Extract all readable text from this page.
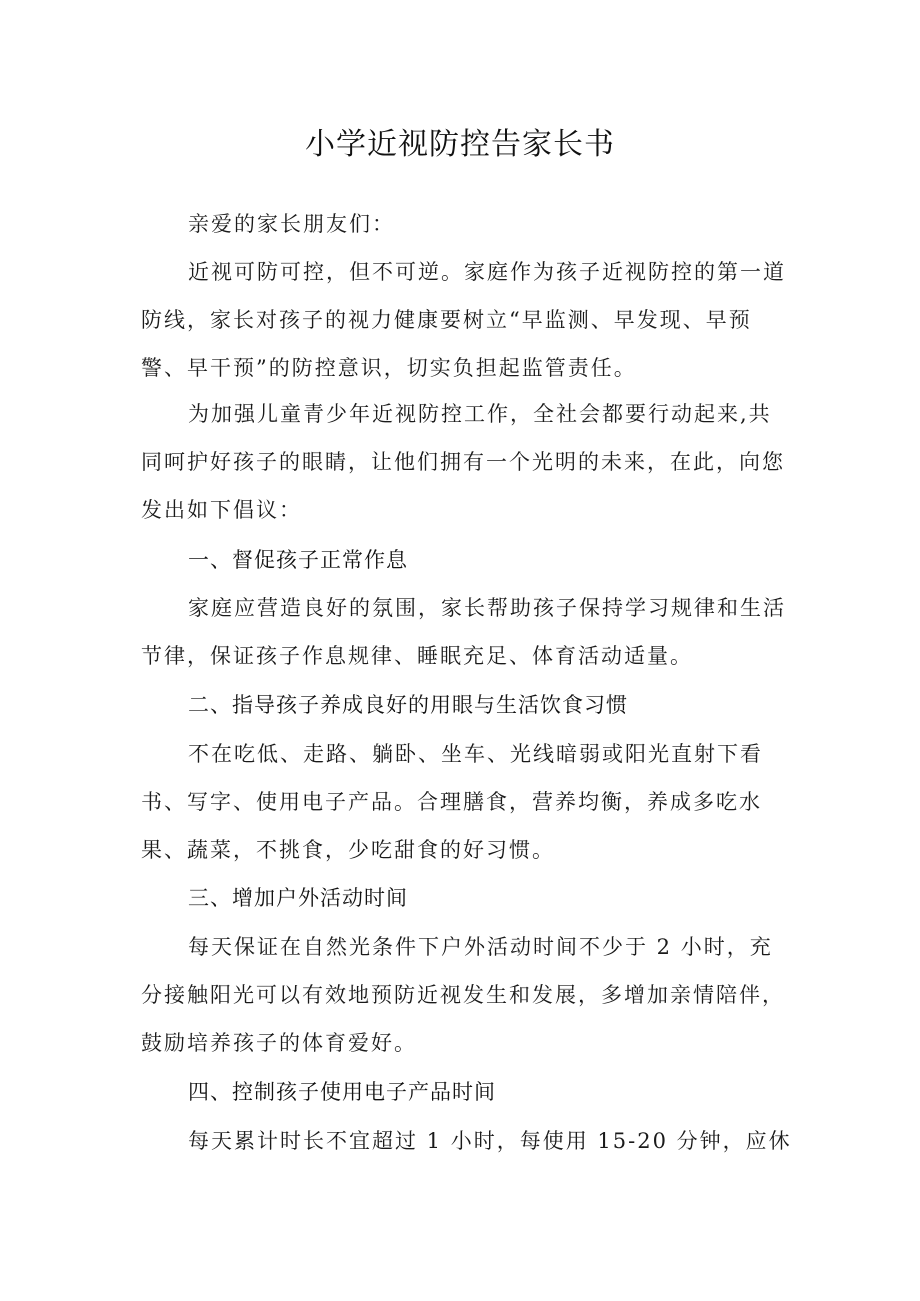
小学近视防控告家长书
亲爱的家长朋友们：
近视可防可控，但不可逆。家庭作为孩子近视防控的第一道
防线，家长对孩子的视力健康要树立“早监测、早发现、早预
警、早干预”的防控意识，切实负担起监管责任。
为加强儿童青少年近视防控工作，全社会都要行动起来,共
同呵护好孩子的眼睛，让他们拥有一个光明的未来，在此，向您
发出如下倡议：
一、督促孩子正常作息
家庭应营造良好的氛围，家长帮助孩子保持学习规律和生活
节律，保证孩子作息规律、睡眠充足、体育活动适量。
二、指导孩子养成良好的用眼与生活饮食习惯
不在吃低、走路、躺卧、坐车、光线暗弱或阳光直射下看
书、写字、使用电子产品。合理膳食，营养均衡，养成多吃水
果、蔬菜，不挑食，少吃甜食的好习惯。
三、增加户外活动时间
每天保证在自然光条件下户外活动时间不少于 2 小时，充
分接触阳光可以有效地预防近视发生和发展，多增加亲情陪伴，
鼓励培养孩子的体育爱好。
四、控制孩子使用电子产品时间
每天累计时长不宜超过 1 小时，每使用 15-20 分钟，应休
